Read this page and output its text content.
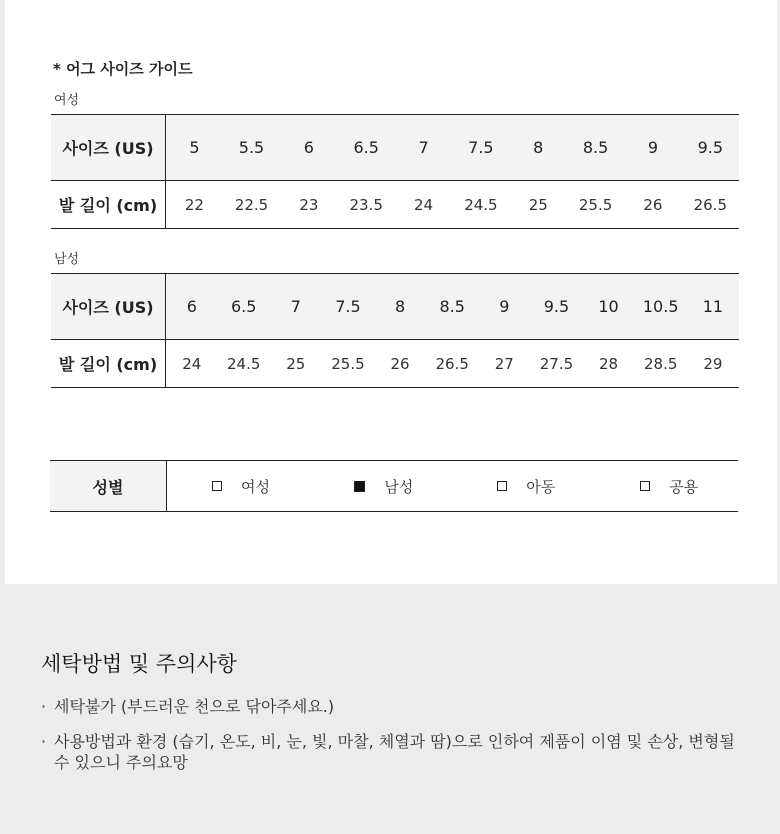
* 어그 사이즈 가이드
여성
사이즈 (US)	5	5.5	6	6.5	7	7.5	8	8.5	9	9.5
발 길이 (cm)	22	22.5	23	23.5	24	24.5	25	25.5	26	26.5
남성
사이즈 (US)	6	6.5	7	7.5	8	8.5	9	9.5	10	10.5	11
발 길이 (cm)	24	24.5	25	25.5	26	26.5	27	27.5	28	28.5	29
성별	여성	남성	아동	공용
세탁방법 및 주의사항
· 세탁불가 (부드러운 천으로 닦아주세요.)
· 사용방법과 환경 (습기, 온도, 비, 눈, 빛, 마찰, 체열과 땀)으로 인하여 제품이 이염 및 손상, 변형될 수 있으니 주의요망
